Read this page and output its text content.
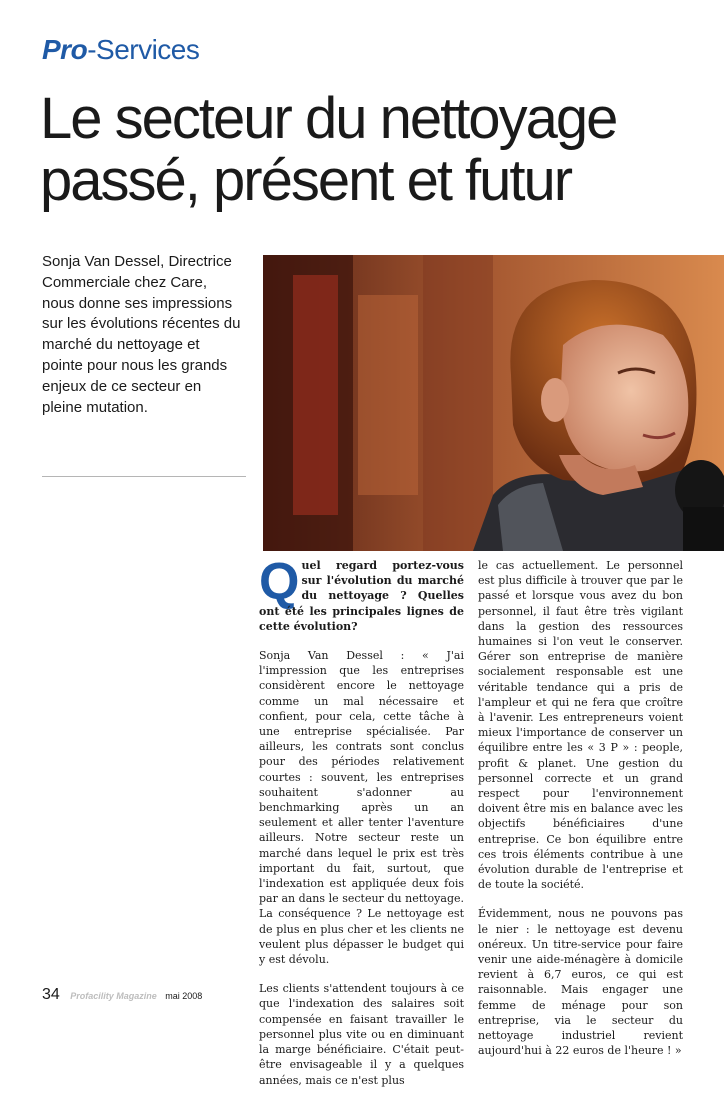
Pro-Services
Le secteur du nettoyage
passé, présent et futur
Sonja Van Dessel, Directrice Commerciale chez Care, nous donne ses impressions sur les évolutions récentes du marché du nettoyage et pointe pour nous les grands enjeux de ce secteur en pleine mutation.

Quel regard portez-vous sur l'évolution du marché du nettoyage ? Quelles ont été les principales lignes de cette évolution?

Sonja Van Dessel : « J'ai l'impression que les entreprises considèrent encore le nettoyage comme un mal nécessaire et confient, pour cela, cette tâche à une entreprise spécialisée. Par ailleurs, les contrats sont conclus pour des périodes relativement courtes : souvent, les entreprises souhaitent s'adonner au benchmarking après un an seulement et aller tenter l'aventure ailleurs. Notre secteur reste un marché dans lequel le prix est très important du fait, surtout, que l'indexation est appliquée deux fois par an dans le secteur du nettoyage. La conséquence ? Le nettoyage est de plus en plus cher et les clients ne veulent plus dépasser le budget qui y est dévolu.

Les clients s'attendent toujours à ce que l'indexation des salaires soit compensée en faisant travailler le personnel plus vite ou en diminuant la marge bénéficiaire. C'était peut-être envisageable il y a quelques années, mais ce n'est plus

le cas actuellement. Le personnel est plus difficile à trouver que par le passé et lorsque vous avez du bon personnel, il faut être très vigilant dans la gestion des ressources humaines si l'on veut le conserver. Gérer son entreprise de manière socialement responsable est une véritable tendance qui a pris de l'ampleur et qui ne fera que croître à l'avenir. Les entrepreneurs voient mieux l'importance de conserver un équilibre entre les « 3 P » : people, profit & planet. Une gestion du personnel correcte et un grand respect pour l'environnement doivent être mis en balance avec les objectifs bénéficiaires d'une entreprise. Ce bon équilibre entre ces trois éléments contribue à une évolution durable de l'entreprise et de toute la société.

Évidemment, nous ne pouvons pas le nier : le nettoyage est devenu onéreux. Un titre-service pour faire venir une aide-ménagère à domicile revient à 6,7 euros, ce qui est raisonnable. Mais engager une femme de ménage pour son entreprise, via le secteur du nettoyage industriel revient aujourd'hui à 22 euros de l'heure ! »

34 Profacility Magazine mai 2008
